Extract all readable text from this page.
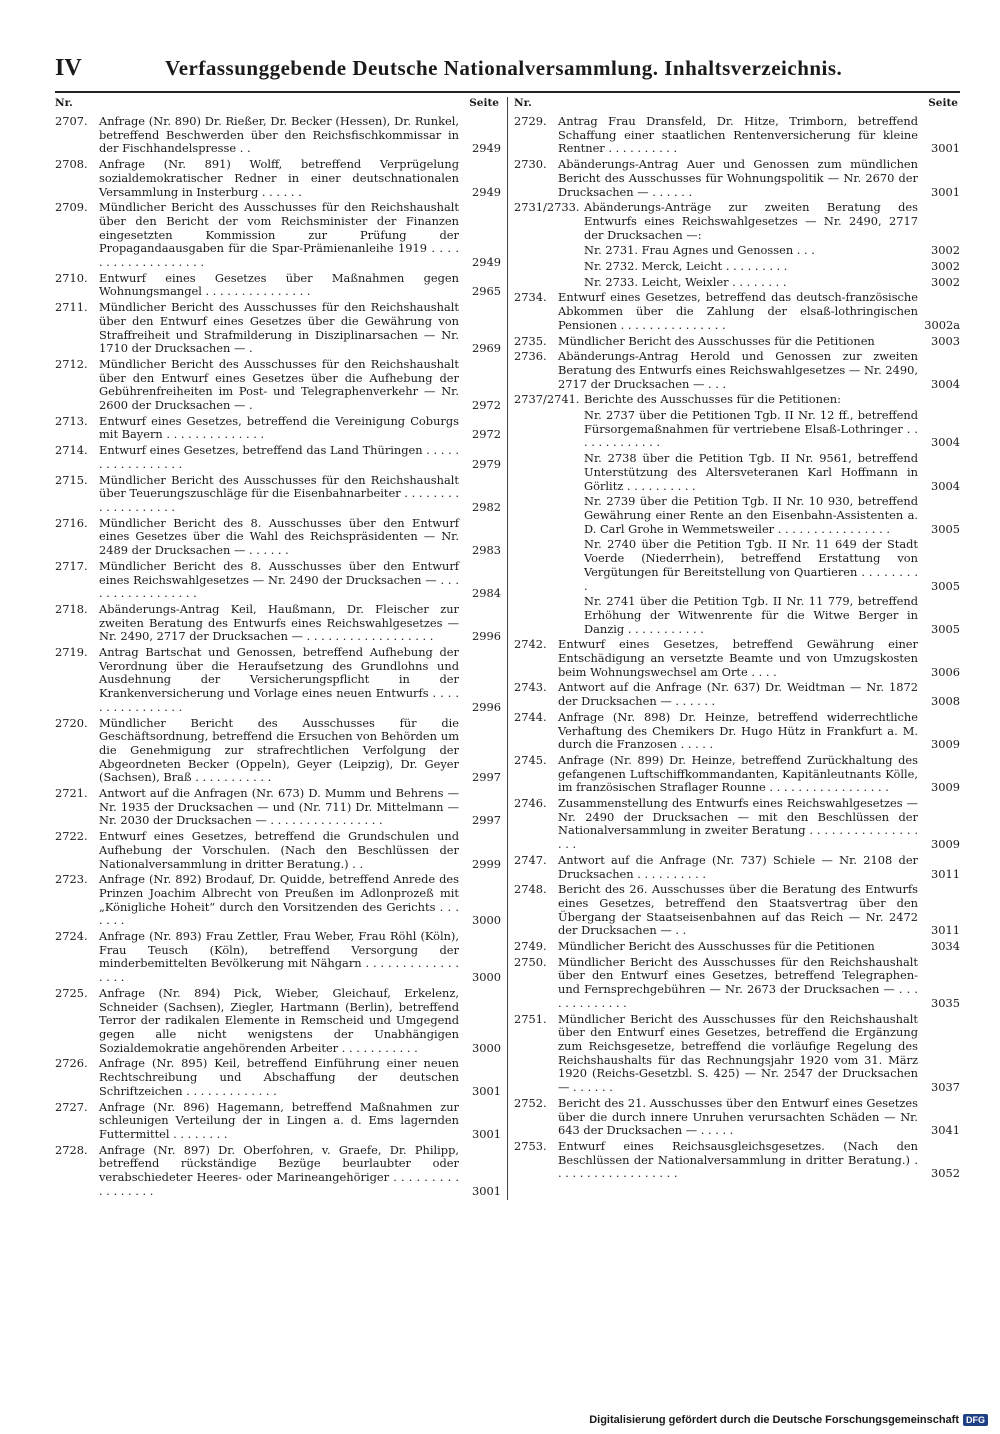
IV	Verfassunggebende Deutsche Nationalversammlung. Inhaltsverzeichnis.
Nr.	Seite
2707. Anfrage (Nr. 890) Dr. Rießer, Dr. Becker (Hessen), Dr. Runkel, betreffend Beschwerden über den Reichsfischkommissar in der Fischhandelspresse . .	2949
2708. Anfrage (Nr. 891) Wolff, betreffend Verprügelung sozialdemokratischer Redner in einer deutschnationalen Versammlung in Insterburg . . . . . .	2949
2709. Mündlicher Bericht des Ausschusses für den Reichshaushalt über den Bericht der vom Reichsminister der Finanzen eingesetzten Kommission zur Prüfung der Propagandaausgaben für die Spar-Prämienanleihe 1919 . . . . . . . . . . . . . . . . . . .	2949
2710. Entwurf eines Gesetzes über Maßnahmen gegen Wohnungsmangel . . . . . . . . . . . . . . .	2965
2711. Mündlicher Bericht des Ausschusses für den Reichshaushalt über den Entwurf eines Gesetzes über die Gewährung von Straffreiheit und Strafmilderung in Disziplinarsachen — Nr. 1710 der Drucksachen — .	2969
2712. Mündlicher Bericht des Ausschusses für den Reichshaushalt über den Entwurf eines Gesetzes über die Aufhebung der Gebührenfreiheiten im Post- und Telegraphenverkehr — Nr. 2600 der Drucksachen — .	2972
2713. Entwurf eines Gesetzes, betreffend die Vereinigung Coburgs mit Bayern . . . . . . . . . . . . . .	2972
2714. Entwurf eines Gesetzes, betreffend das Land Thüringen . . . . . . . . . . . . . . . . .	2979
2715. Mündlicher Bericht des Ausschusses für den Reichshaushalt über Teuerungszuschläge für die Eisenbahnarbeiter . . . . . . . . . . . . . . . . . . .	2982
2716. Mündlicher Bericht des 8. Ausschusses über den Entwurf eines Gesetzes über die Wahl des Reichspräsidenten — Nr. 2489 der Drucksachen — . . . . . .	2983
2717. Mündlicher Bericht des 8. Ausschusses über den Entwurf eines Reichswahlgesetzes — Nr. 2490 der Drucksachen — . . . . . . . . . . . . . . . . .	2984
2718. Abänderungs-Antrag Keil, Haußmann, Dr. Fleischer zur zweiten Beratung des Entwurfs eines Reichswahlgesetzes — Nr. 2490, 2717 der Drucksachen — . . . . . . . . . . . . . . . . . .	2996
2719. Antrag Bartschat und Genossen, betreffend Aufhebung der Verordnung über die Heraufsetzung des Grundlohns und Ausdehnung der Versicherungspflicht in der Krankenversicherung und Vorlage eines neuen Entwurfs . . . . . . . . . . . . . . . .	2996
2720. Mündlicher Bericht des Ausschusses für die Geschäftsordnung, betreffend die Ersuchen von Behörden um die Genehmigung zur strafrechtlichen Verfolgung der Abgeordneten Becker (Oppeln), Geyer (Leipzig), Dr. Geyer (Sachsen), Braß . . . . . . . . . . .	2997
2721. Antwort auf die Anfragen (Nr. 673) D. Mumm und Behrens — Nr. 1935 der Drucksachen — und (Nr. 711) Dr. Mittelmann — Nr. 2030 der Drucksachen — . . . . . . . . . . . . . . . .	2997
2722. Entwurf eines Gesetzes, betreffend die Grundschulen und Aufhebung der Vorschulen. (Nach den Beschlüssen der Nationalversammlung in dritter Beratung.) . .	2999
2723. Anfrage (Nr. 892) Brodauf, Dr. Quidde, betreffend Anrede des Prinzen Joachim Albrecht von Preußen im Adlonprozeß mit „Königliche Hoheit“ durch den Vorsitzenden des Gerichts . . . . . . .	3000
2724. Anfrage (Nr. 893) Frau Zettler, Frau Weber, Frau Röhl (Köln), Frau Teusch (Köln), betreffend Versorgung der minderbemittelten Bevölkerung mit Nähgarn . . . . . . . . . . . . . . . . .	3000
2725. Anfrage (Nr. 894) Pick, Wieber, Gleichauf, Erkelenz, Schneider (Sachsen), Ziegler, Hartmann (Berlin), betreffend Terror der radikalen Elemente in Remscheid und Umgegend gegen alle nicht wenigstens der Unabhängigen Sozialdemokratie angehörenden Arbeiter . . . . . . . . . . .	3000
2726. Anfrage (Nr. 895) Keil, betreffend Einführung einer neuen Rechtschreibung und Abschaffung der deutschen Schriftzeichen . . . . . . . . . . . . .	3001
2727. Anfrage (Nr. 896) Hagemann, betreffend Maßnahmen zur schleunigen Verteilung der in Lingen a. d. Ems lagernden Futtermittel . . . . . . . .	3001
2728. Anfrage (Nr. 897) Dr. Oberfohren, v. Graefe, Dr. Philipp, betreffend rückständige Bezüge beurlaubter oder verabschiedeter Heeres- oder Marineangehöriger . . . . . . . . . . . . . . . . .	3001
Nr.	Seite
2729. Antrag Frau Dransfeld, Dr. Hitze, Trimborn, betreffend Schaffung einer staatlichen Rentenversicherung für kleine Rentner . . . . . . . . . .	3001
2730. Abänderungs-Antrag Auer und Genossen zum mündlichen Bericht des Ausschusses für Wohnungspolitik — Nr. 2670 der Drucksachen — . . . . . .	3001
2731/2733. Abänderungs-Anträge zur zweiten Beratung des Entwurfs eines Reichswahlgesetzes — Nr. 2490, 2717 der Drucksachen —:
Nr. 2731. Frau Agnes und Genossen . . .	3002
Nr. 2732. Merck, Leicht . . . . . . . . .	3002
Nr. 2733. Leicht, Weixler . . . . . . . .	3002
2734. Entwurf eines Gesetzes, betreffend das deutsch-französische Abkommen über die Zahlung der elsaß-lothringischen Pensionen . . . . . . . . . . . . . . .	3002a
2735. Mündlicher Bericht des Ausschusses für die Petitionen	3003
2736. Abänderungs-Antrag Herold und Genossen zur zweiten Beratung des Entwurfs eines Reichswahlgesetzes — Nr. 2490, 2717 der Drucksachen — . . .	3004
2737/2741. Berichte des Ausschusses für die Petitionen:
Nr. 2737 über die Petitionen Tgb. II Nr. 12 ff., betreffend Fürsorgemaßnahmen für vertriebene Elsaß-Lothringer . . . . . . . . . . . . .	3004
Nr. 2738 über die Petition Tgb. II Nr. 9561, betreffend Unterstützung des Altersveteranen Karl Hoffmann in Görlitz . . . . . . . . . .	3004
Nr. 2739 über die Petition Tgb. II Nr. 10 930, betreffend Gewährung einer Rente an den Eisenbahn-Assistenten a. D. Carl Grohe in Wemmetsweiler . . . . . . . . . . . . . . . .	3005
Nr. 2740 über die Petition Tgb. II Nr. 11 649 der Stadt Voerde (Niederrhein), betreffend Erstattung von Vergütungen für Bereitstellung von Quartieren . . . . . . . . .	3005
Nr. 2741 über die Petition Tgb. II Nr. 11 779, betreffend Erhöhung der Witwenrente für die Witwe Berger in Danzig . . . . . . . . . . .	3005
2742. Entwurf eines Gesetzes, betreffend Gewährung einer Entschädigung an versetzte Beamte und von Umzugskosten beim Wohnungswechsel am Orte . . . .	3006
2743. Antwort auf die Anfrage (Nr. 637) Dr. Weidtman — Nr. 1872 der Drucksachen — . . . . . .	3008
2744. Anfrage (Nr. 898) Dr. Heinze, betreffend widerrechtliche Verhaftung des Chemikers Dr. Hugo Hütz in Frankfurt a. M. durch die Franzosen . . . . .	3009
2745. Anfrage (Nr. 899) Dr. Heinze, betreffend Zurückhaltung des gefangenen Luftschiffkommandanten, Kapitänleutnants Kölle, im französischen Straflager Rounne . . . . . . . . . . . . . . . . .	3009
2746. Zusammenstellung des Entwurfs eines Reichswahlgesetzes — Nr. 2490 der Drucksachen — mit den Beschlüssen der Nationalversammlung in zweiter Beratung . . . . . . . . . . . . . . . . . .	3009
2747. Antwort auf die Anfrage (Nr. 737) Schiele — Nr. 2108 der Drucksachen . . . . . . . . . .	3011
2748. Bericht des 26. Ausschusses über die Beratung des Entwurfs eines Gesetzes, betreffend den Staatsvertrag über den Übergang der Staatseisenbahnen auf das Reich — Nr. 2472 der Drucksachen — . .	3011
2749. Mündlicher Bericht des Ausschusses für die Petitionen	3034
2750. Mündlicher Bericht des Ausschusses für den Reichshaushalt über den Entwurf eines Gesetzes, betreffend Telegraphen- und Fernsprechgebühren — Nr. 2673 der Drucksachen — . . . . . . . . . . . . .	3035
2751. Mündlicher Bericht des Ausschusses für den Reichshaushalt über den Entwurf eines Gesetzes, betreffend die Ergänzung zum Reichsgesetze, betreffend die vorläufige Regelung des Reichshaushalts für das Rechnungsjahr 1920 vom 31. März 1920 (Reichs-Gesetzbl. S. 425) — Nr. 2547 der Drucksachen — . . . . . .	3037
2752. Bericht des 21. Ausschusses über den Entwurf eines Gesetzes über die durch innere Unruhen verursachten Schäden — Nr. 643 der Drucksachen — . . . . .	3041
2753. Entwurf eines Reichsausgleichsgesetzes. (Nach den Beschlüssen der Nationalversammlung in dritter Beratung.) . . . . . . . . . . . . . . . . . .	3052
Digitalisierung gefördert durch die Deutsche Forschungsgemeinschaft DFG
